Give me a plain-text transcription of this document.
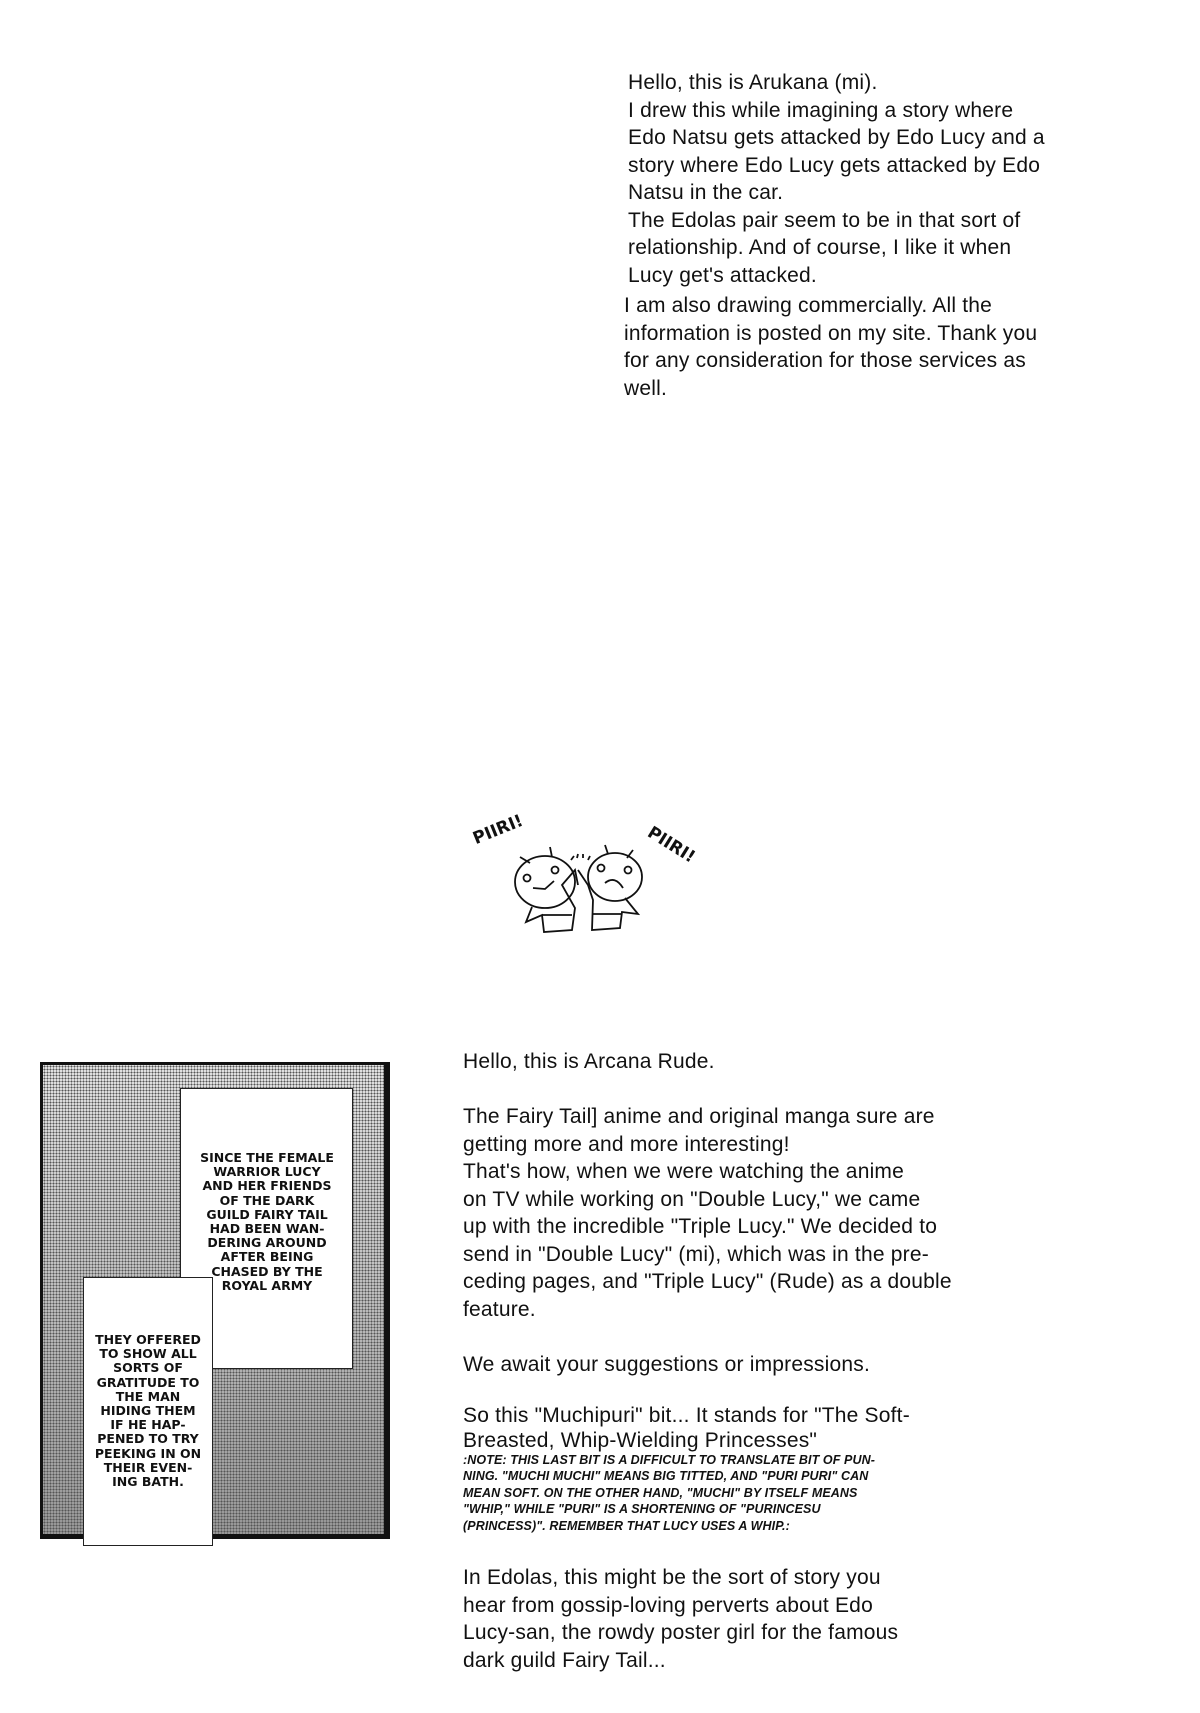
Hello, this is Arukana (mi).
I drew this while imagining a story where
Edo Natsu gets attacked by Edo Lucy and a
story where Edo Lucy gets attacked by Edo
Natsu in the car.
The Edolas pair seem to be in that sort of
relationship. And of course, I like it when
Lucy get's attacked.
I am also drawing commercially. All the
information is posted on my site. Thank you
for any consideration for those services as
well.
PIIRI!	PIIRI!
SINCE THE FEMALE
WARRIOR LUCY
AND HER FRIENDS
OF THE DARK
GUILD FAIRY TAIL
HAD BEEN WAN-
DERING AROUND
AFTER BEING
CHASED BY THE
ROYAL ARMY
THEY OFFERED
TO SHOW ALL
SORTS OF
GRATITUDE TO
THE MAN
HIDING THEM
IF HE HAP-
PENED TO TRY
PEEKING IN ON
THEIR EVEN-
ING BATH.
Hello, this is Arcana Rude.
The Fairy Tail] anime and original manga sure are
getting more and more interesting!
That's how, when we were watching the anime
on TV while working on "Double Lucy," we came
up with the incredible "Triple Lucy." We decided to
send in "Double Lucy" (mi), which was in the pre-
ceding pages, and "Triple Lucy" (Rude) as a double
feature.
We await your suggestions or impressions.
So this "Muchipuri" bit... It stands for "The Soft-
Breasted, Whip-Wielding Princesses"
:NOTE: THIS LAST BIT IS A DIFFICULT TO TRANSLATE BIT OF PUN-
NING. "MUCHI MUCHI" MEANS BIG TITTED, AND "PURI PURI" CAN
MEAN SOFT. ON THE OTHER HAND, "MUCHI" BY ITSELF MEANS
"WHIP," WHILE "PURI" IS A SHORTENING OF "PURINCESU
(PRINCESS)". REMEMBER THAT LUCY USES A WHIP.:
In Edolas, this might be the sort of story you
hear from gossip-loving perverts about Edo
Lucy-san, the rowdy poster girl for the famous
dark guild Fairy Tail...
